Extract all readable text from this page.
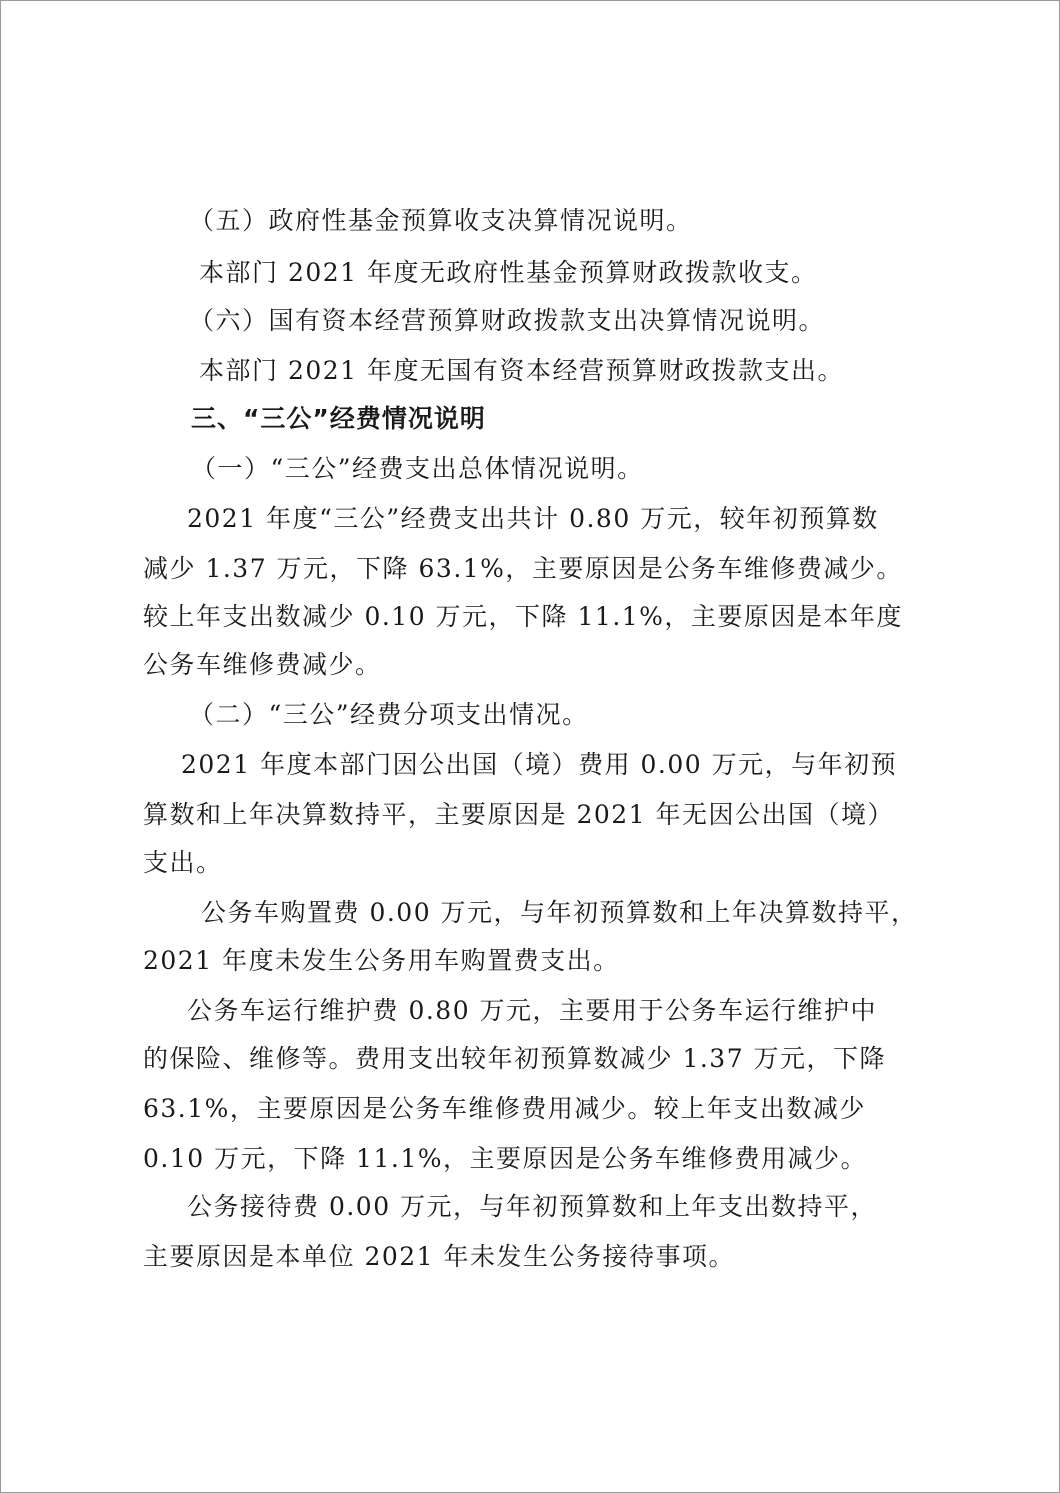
（五）政府性基金预算收支决算情况说明。

本部门 2021 年度无政府性基金预算财政拨款收支。

（六）国有资本经营预算财政拨款支出决算情况说明。

本部门 2021 年度无国有资本经营预算财政拨款支出。

三、“三公”经费情况说明

（一）“三公”经费支出总体情况说明。

2021 年度“三公”经费支出共计 0.80 万元，较年初预算数

减少 1.37 万元，下降 63.1%，主要原因是公务车维修费减少。

较上年支出数减少 0.10 万元，下降 11.1%，主要原因是本年度

公务车维修费减少。

（二）“三公”经费分项支出情况。

2021 年度本部门因公出国（境）费用 0.00 万元，与年初预

算数和上年决算数持平，主要原因是 2021 年无因公出国（境）

支出。

公务车购置费 0.00 万元，与年初预算数和上年决算数持平，

2021 年度未发生公务用车购置费支出。

公务车运行维护费 0.80 万元，主要用于公务车运行维护中

的保险、维修等。费用支出较年初预算数减少 1.37 万元，下降

63.1%，主要原因是公务车维修费用减少。较上年支出数减少

0.10 万元，下降 11.1%，主要原因是公务车维修费用减少。

公务接待费 0.00 万元，与年初预算数和上年支出数持平，

主要原因是本单位 2021 年未发生公务接待事项。
